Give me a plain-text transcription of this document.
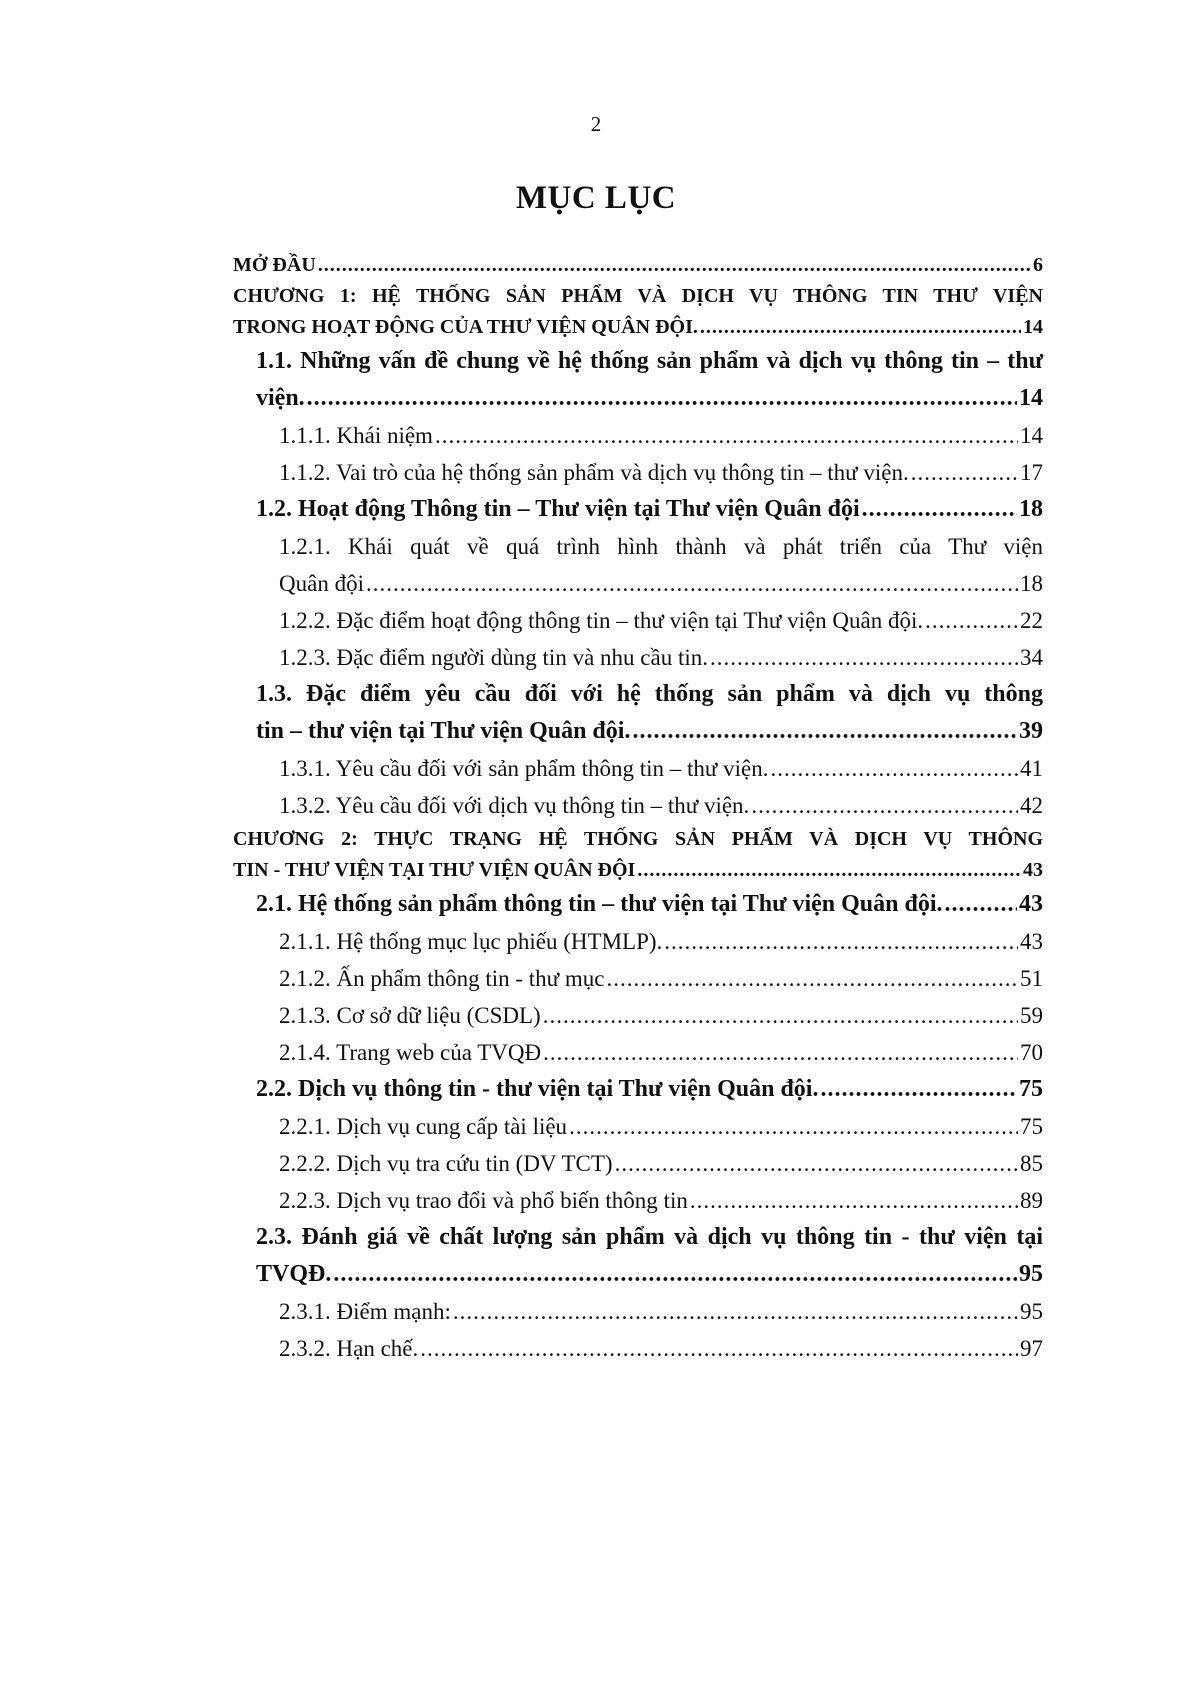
2
MỤC LỤC
MỞ ĐẦU .....	6
CHƯƠNG 1: HỆ THỐNG SẢN PHẨM VÀ DỊCH VỤ THÔNG TIN THƯ VIỆN
TRONG HOẠT ĐỘNG CỦA THƯ VIỆN QUÂN ĐỘI. .....	14
1.1. Những vấn đề chung về hệ thống sản phẩm và dịch vụ thông tin – thư
viện. .....	14
1.1.1. Khái niệm .....	14
1.1.2. Vai trò của hệ thống sản phẩm và dịch vụ thông tin – thư viện. .....	17
1.2. Hoạt động Thông tin – Thư viện tại Thư viện Quân đội .....	18
1.2.1. Khái quát về quá trình hình thành và phát triển của Thư viện
Quân đội .....	18
1.2.2. Đặc điểm hoạt động thông tin – thư viện tại Thư viện Quân đội. .....	22
1.2.3. Đặc điểm người dùng tin và nhu cầu tin. .....	34
1.3. Đặc điểm yêu cầu đối với hệ thống sản phẩm và dịch vụ thông
tin – thư viện tại Thư viện Quân đội. .....	39
1.3.1. Yêu cầu đối với sản phẩm thông tin – thư viện. .....	41
1.3.2. Yêu cầu đối với dịch vụ thông tin – thư viện. .....	42
CHƯƠNG 2: THỰC TRẠNG HỆ THỐNG SẢN PHẨM VÀ DỊCH VỤ THÔNG
TIN - THƯ VIỆN TẠI THƯ VIỆN QUÂN ĐỘI .....	43
2.1. Hệ thống sản phẩm thông tin – thư viện tại Thư viện Quân đội. .....	43
2.1.1. Hệ thống mục lục phiếu (HTMLP). .....	43
2.1.2. Ấn phẩm thông tin - thư mục .....	51
2.1.3. Cơ sở dữ liệu (CSDL) .....	59
2.1.4. Trang web của TVQĐ .....	70
2.2. Dịch vụ thông tin - thư viện tại Thư viện Quân đội. .....	75
2.2.1. Dịch vụ cung cấp tài liệu .....	75
2.2.2. Dịch vụ tra cứu tin (DV TCT) .....	85
2.2.3. Dịch vụ trao đổi và phổ biến thông tin .....	89
2.3. Đánh giá về chất lượng sản phẩm và dịch vụ thông tin - thư viện tại
TVQĐ. .....	95
2.3.1. Điểm mạnh: .....	95
2.3.2. Hạn chế. .....	97
